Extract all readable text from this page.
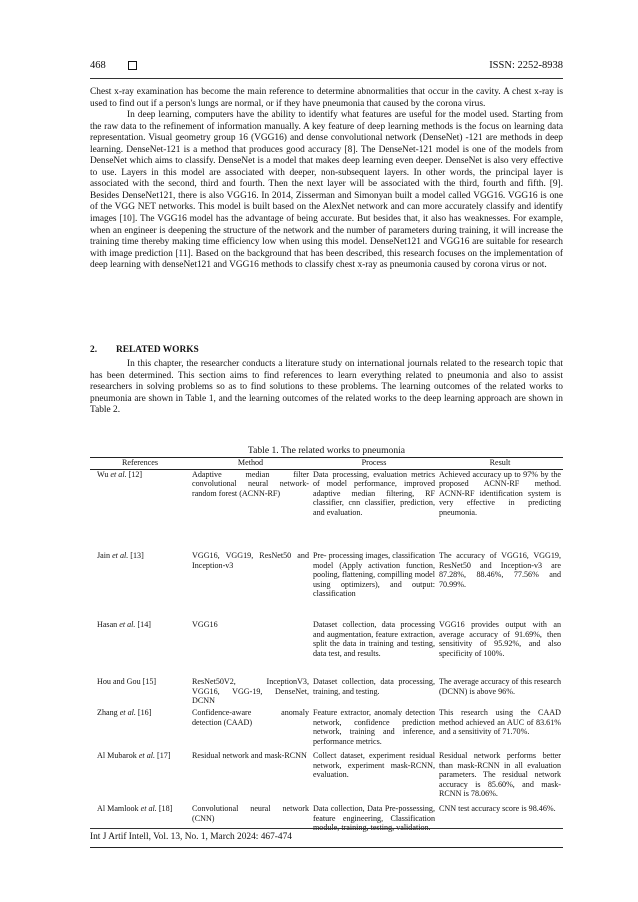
468	ISSN: 2252-8938

Chest x-ray examination has become the main reference to determine abnormalities that occur in the cavity. A chest x-ray is used to find out if a person's lungs are normal, or if they have pneumonia that caused by the corona virus.

In deep learning, computers have the ability to identify what features are useful for the model used. Starting from the raw data to the refinement of information manually. A key feature of deep learning methods is the focus on learning data representation. Visual geometry group 16 (VGG16) and dense convolutional network (DenseNet) -121 are methods in deep learning. DenseNet-121 is a method that produces good accuracy [8]. The DenseNet-121 model is one of the models from DenseNet which aims to classify. DenseNet is a model that makes deep learning even deeper. DenseNet is also very effective to use. Layers in this model are associated with deeper, non-subsequent layers. In other words, the principal layer is associated with the second, third and fourth. Then the next layer will be associated with the third, fourth and fifth. [9]. Besides DenseNet121, there is also VGG16. In 2014, Zisserman and Simonyan built a model called VGG16. VGG16 is one of the VGG NET networks. This model is built based on the AlexNet network and can more accurately classify and identify images [10]. The VGG16 model has the advantage of being accurate. But besides that, it also has weaknesses. For example, when an engineer is deepening the structure of the network and the number of parameters during training, it will increase the training time thereby making time efficiency low when using this model. DenseNet121 and VGG16 are suitable for research with image prediction [11]. Based on the background that has been described, this research focuses on the implementation of deep learning with denseNet121 and VGG16 methods to classify chest x-ray as pneumonia caused by corona virus or not.

2. RELATED WORKS

In this chapter, the researcher conducts a literature study on international journals related to the research topic that has been determined. This section aims to find references to learn everything related to pneumonia and also to assist researchers in solving problems so as to find solutions to these problems. The learning outcomes of the related works to pneumonia are shown in Table 1, and the learning outcomes of the related works to the deep learning approach are shown in Table 2.

Table 1. The related works to pneumonia
References	Method	Process	Result
Wu et al. [12]	Adaptive median filter convolutional neural network-random forest (ACNN-RF)	Data processing, evaluation metrics of model performance, improved adaptive median filtering, RF classifier, cnn classifier, prediction, and evaluation.	Achieved accuracy up to 97% by the proposed ACNN-RF method. ACNN-RF identification system is very effective in predicting pneumonia.
Jain et al. [13]	VGG16, VGG19, ResNet50 and Inception-v3	Pre- processing images, classification model (Apply activation function, pooling, flattening, compilling model using optimizers), and output: classification	The accuracy of VGG16, VGG19, ResNet50 and Inception-v3 are 87.28%, 88.46%, 77.56% and 70.99%.
Hasan et al. [14]	VGG16	Dataset collection, data processing and augmentation, feature extraction, split the data in training and testing, data test, and results.	VGG16 provides output with an average accuracy of 91.69%, then sensitivity of 95.92%, and also specificity of 100%.
Hou and Gou [15]	ResNet50V2, InceptionV3, VGG16, VGG-19, DenseNet, DCNN	Dataset collection, data processing, training, and testing.	The average accuracy of this research (DCNN) is above 96%.
Zhang et al. [16]	Confidence-aware anomaly detection (CAAD)	Feature extractor, anomaly detection network, confidence prediction network, training and inference, performance metrics.	This research using the CAAD method achieved an AUC of 83.61% and a sensitivity of 71.70%.
Al Mubarok et al. [17]	Residual network and mask-RCNN	Collect dataset, experiment residual network, experiment mask-RCNN, evaluation.	Residual network performs better than mask-RCNN in all evaluation parameters. The residual network accuracy is 85.60%, and mask-RCNN is 78.06%.
Al Mamlook et al. [18]	Convolutional neural network (CNN)	Data collection, Data Pre-possessing, feature engineering, Classification module, training, testing, validation.	CNN test accuracy score is 98.46%.
Int J Artif Intell, Vol. 13, No. 1, March 2024: 467-474
